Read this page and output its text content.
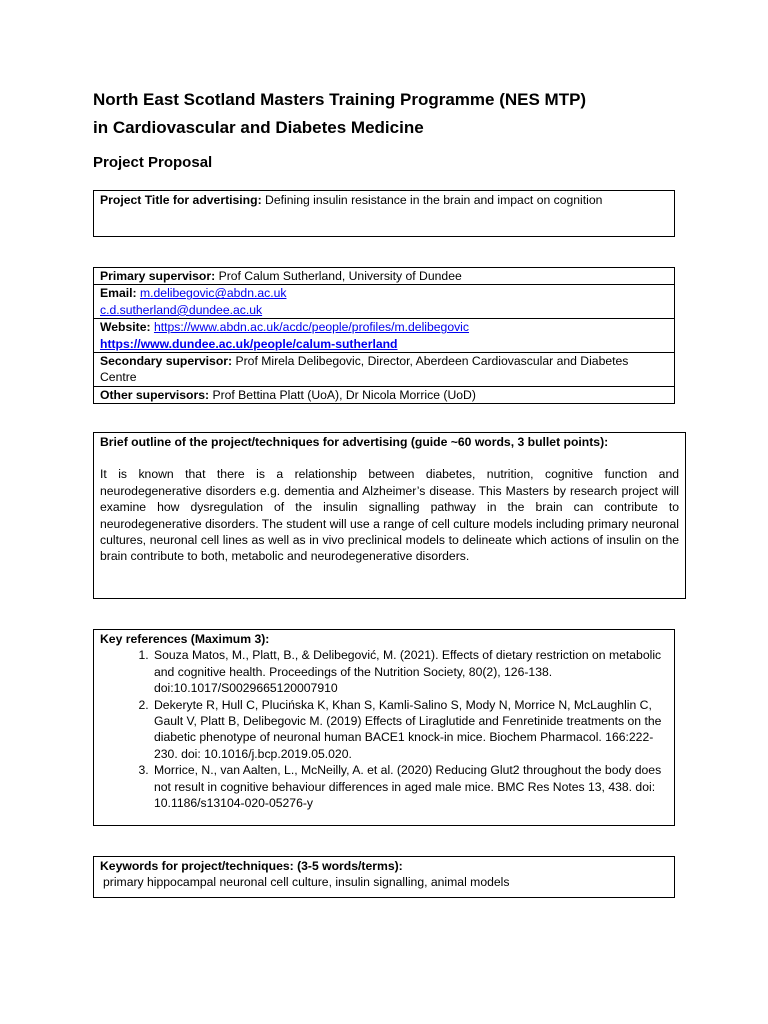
North East Scotland Masters Training Programme (NES MTP)
in Cardiovascular and Diabetes Medicine
Project Proposal
Project Title for advertising: Defining insulin resistance in the brain and impact on cognition
Primary supervisor: Prof Calum Sutherland, University of Dundee
Email: m.delibegovic@abdn.ac.uk
c.d.sutherland@dundee.ac.uk
Website: https://www.abdn.ac.uk/acdc/people/profiles/m.delibegovic
https://www.dundee.ac.uk/people/calum-sutherland
Secondary supervisor: Prof Mirela Delibegovic, Director, Aberdeen Cardiovascular and Diabetes Centre
Other supervisors: Prof Bettina Platt (UoA), Dr Nicola Morrice (UoD)
Brief outline of the project/techniques for advertising (guide ~60 words, 3 bullet points):
It is known that there is a relationship between diabetes, nutrition, cognitive function and neurodegenerative disorders e.g. dementia and Alzheimer’s disease. This Masters by research project will examine how dysregulation of the insulin signalling pathway in the brain can contribute to neurodegenerative disorders. The student will use a range of cell culture models including primary neuronal cultures, neuronal cell lines as well as in vivo preclinical models to delineate which actions of insulin on the brain contribute to both, metabolic and neurodegenerative disorders.
Key references (Maximum 3):
1. Souza Matos, M., Platt, B., & Delibegović, M. (2021). Effects of dietary restriction on metabolic and cognitive health. Proceedings of the Nutrition Society, 80(2), 126-138. doi:10.1017/S0029665120007910
2. Dekeryte R, Hull C, Plucińska K, Khan S, Kamli-Salino S, Mody N, Morrice N, McLaughlin C, Gault V, Platt B, Delibegovic M. (2019) Effects of Liraglutide and Fenretinide treatments on the diabetic phenotype of neuronal human BACE1 knock-in mice. Biochem Pharmacol. 166:222-230. doi: 10.1016/j.bcp.2019.05.020.
3. Morrice, N., van Aalten, L., McNeilly, A. et al. (2020) Reducing Glut2 throughout the body does not result in cognitive behaviour differences in aged male mice. BMC Res Notes 13, 438. doi: 10.1186/s13104-020-05276-y
Keywords for project/techniques: (3-5 words/terms):
primary hippocampal neuronal cell culture, insulin signalling, animal models
